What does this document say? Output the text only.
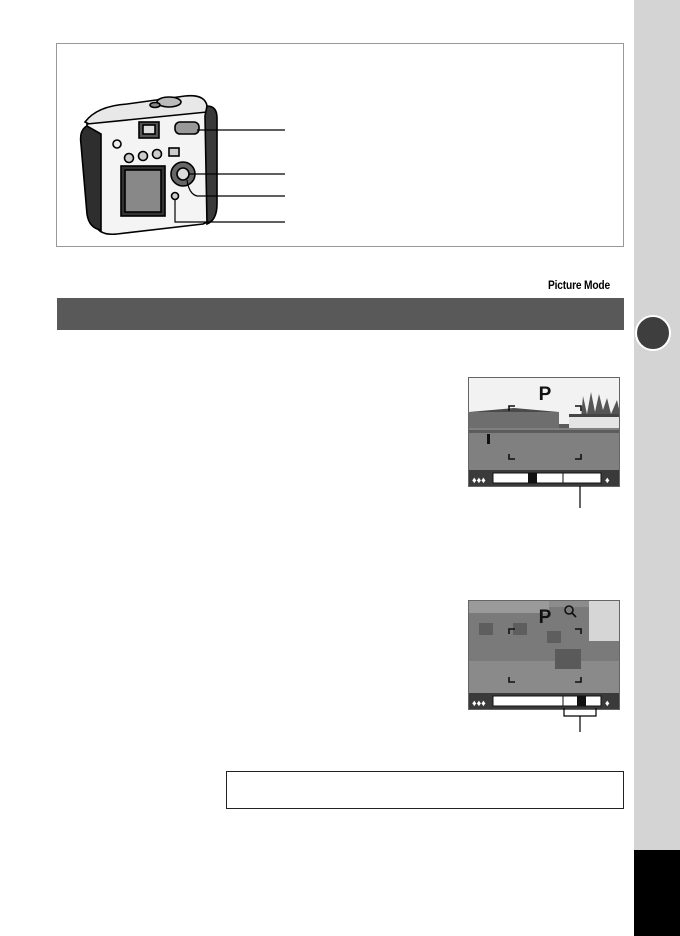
Picture Mode
P
♦♦♦	♦
P
♦♦♦	♦
